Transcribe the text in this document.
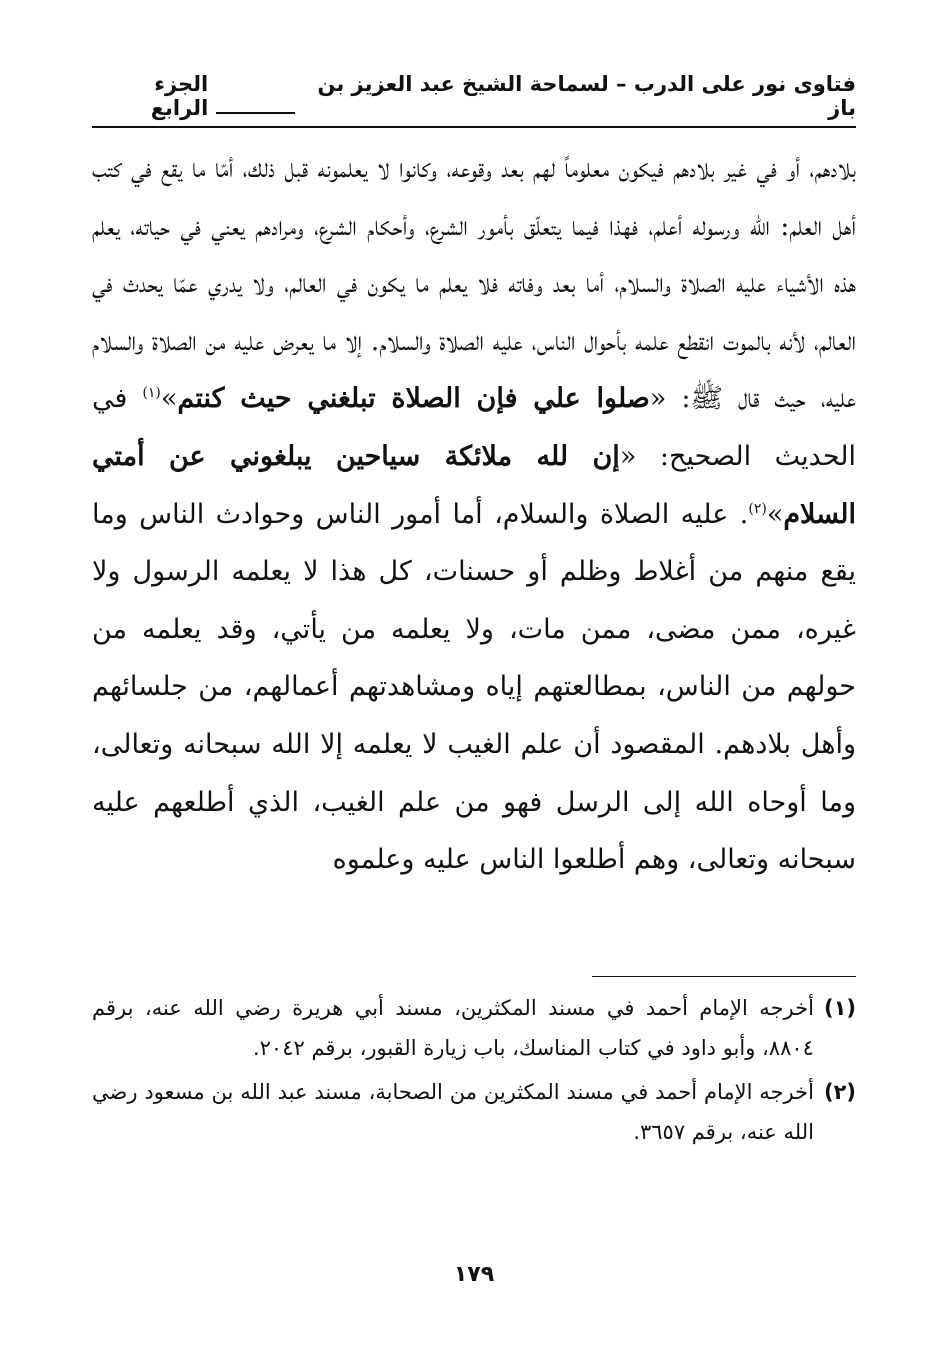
فتاوى نور على الدرب – لسماحة الشيخ عبد العزيز بن باز
الجزء الرابع

بلادهم، أو في غير بلادهم فيكون معلوماً لهم بعد وقوعه، وكانوا لا يعلمونه قبل ذلك، أمّا ما يقع في كتب أهل العلم: الله ورسوله أعلم، فهذا فيما يتعلّق بأمور الشرع، وأحكام الشرع، ومرادهم يعني في حياته، يعلم هذه الأشياء عليه الصلاة والسلام، أما بعد وفاته فلا يعلم ما يكون في العالم، ولا يدري عمّا يحدث في العالم، لأنه بالموت انقطع علمه بأحوال الناس، عليه الصلاة والسلام. إلا ما يعرض عليه من الصلاة والسلام عليه، حيث قال ﷺ: «صلوا علي فإن الصلاة تبلغني حيث كنتم»$^{(١)}$ في الحديث الصحيح: «إن لله ملائكة سياحين يبلغوني عن أمتي السلام»$^{(٢)}$. عليه الصلاة والسلام، أما أمور الناس وحوادث الناس وما يقع منهم من أغلاط وظلم أو حسنات، كل هذا لا يعلمه الرسول ولا غيره، ممن مضى، ممن مات، ولا يعلمه من يأتي، وقد يعلمه من حولهم من الناس، بمطالعتهم إياه ومشاهدتهم أعمالهم، من جلسائهم وأهل بلادهم. المقصود أن علم الغيب لا يعلمه إلا الله سبحانه وتعالى، وما أوحاه الله إلى الرسل فهو من علم الغيب، الذي أطلعهم عليه سبحانه وتعالى، وهم أطلعوا الناس عليه وعلموه

(١)
أخرجه الإمام أحمد في مسند المكثرين، مسند أبي هريرة رضي الله عنه، برقم ٨٨٠٤، وأبو داود في كتاب المناسك، باب زيارة القبور، برقم ٢٠٤٢.
(٢)
أخرجه الإمام أحمد في مسند المكثرين من الصحابة، مسند عبد الله بن مسعود رضي الله عنه، برقم ٣٦٥٧.
١٧٩
